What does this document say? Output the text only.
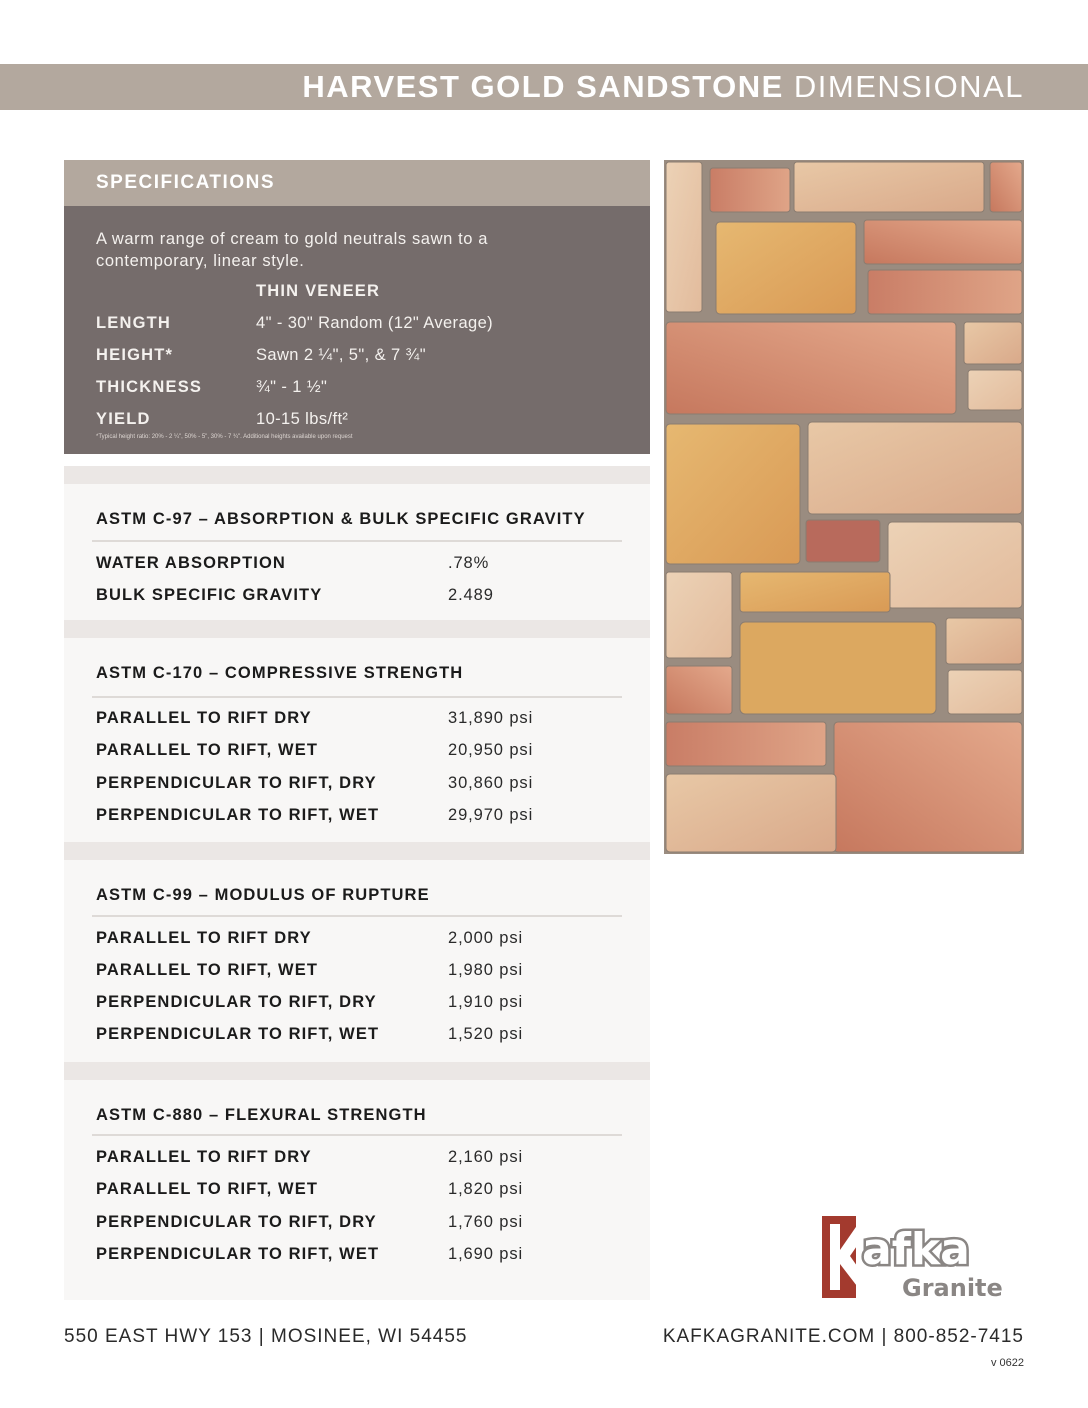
HARVEST GOLD SANDSTONE DIMENSIONAL
SPECIFICATIONS
A warm range of cream to gold neutrals sawn to a contemporary, linear style.
THIN VENEER
LENGTH	4" - 30" Random (12" Average)
HEIGHT*	Sawn 2 ¼", 5", & 7 ¾"
THICKNESS	¾" - 1 ½"
YIELD	10-15 lbs/ft²
*Typical height ratio: 20% - 2 ¼", 50% - 5", 30% - 7 ¾". Additional heights available upon request
ASTM C-97 – ABSORPTION & BULK SPECIFIC GRAVITY
WATER ABSORPTION	.78%
BULK SPECIFIC GRAVITY	2.489
ASTM C-170 – COMPRESSIVE STRENGTH
PARALLEL TO RIFT DRY	31,890 psi
PARALLEL TO RIFT, WET	20,950 psi
PERPENDICULAR TO RIFT, DRY	30,860 psi
PERPENDICULAR TO RIFT, WET	29,970 psi
ASTM C-99 – MODULUS OF RUPTURE
PARALLEL TO RIFT DRY	2,000 psi
PARALLEL TO RIFT, WET	1,980 psi
PERPENDICULAR TO RIFT, DRY	1,910 psi
PERPENDICULAR TO RIFT, WET	1,520 psi
ASTM C-880 – FLEXURAL STRENGTH
PARALLEL TO RIFT DRY	2,160 psi
PARALLEL TO RIFT, WET	1,820 psi
PERPENDICULAR TO RIFT, DRY	1,760 psi
PERPENDICULAR TO RIFT, WET	1,690 psi	afka
Granite
550 EAST HWY 153 | MOSINEE, WI 54455	KAFKAGRANITE.COM | 800-852-7415
v 0622
